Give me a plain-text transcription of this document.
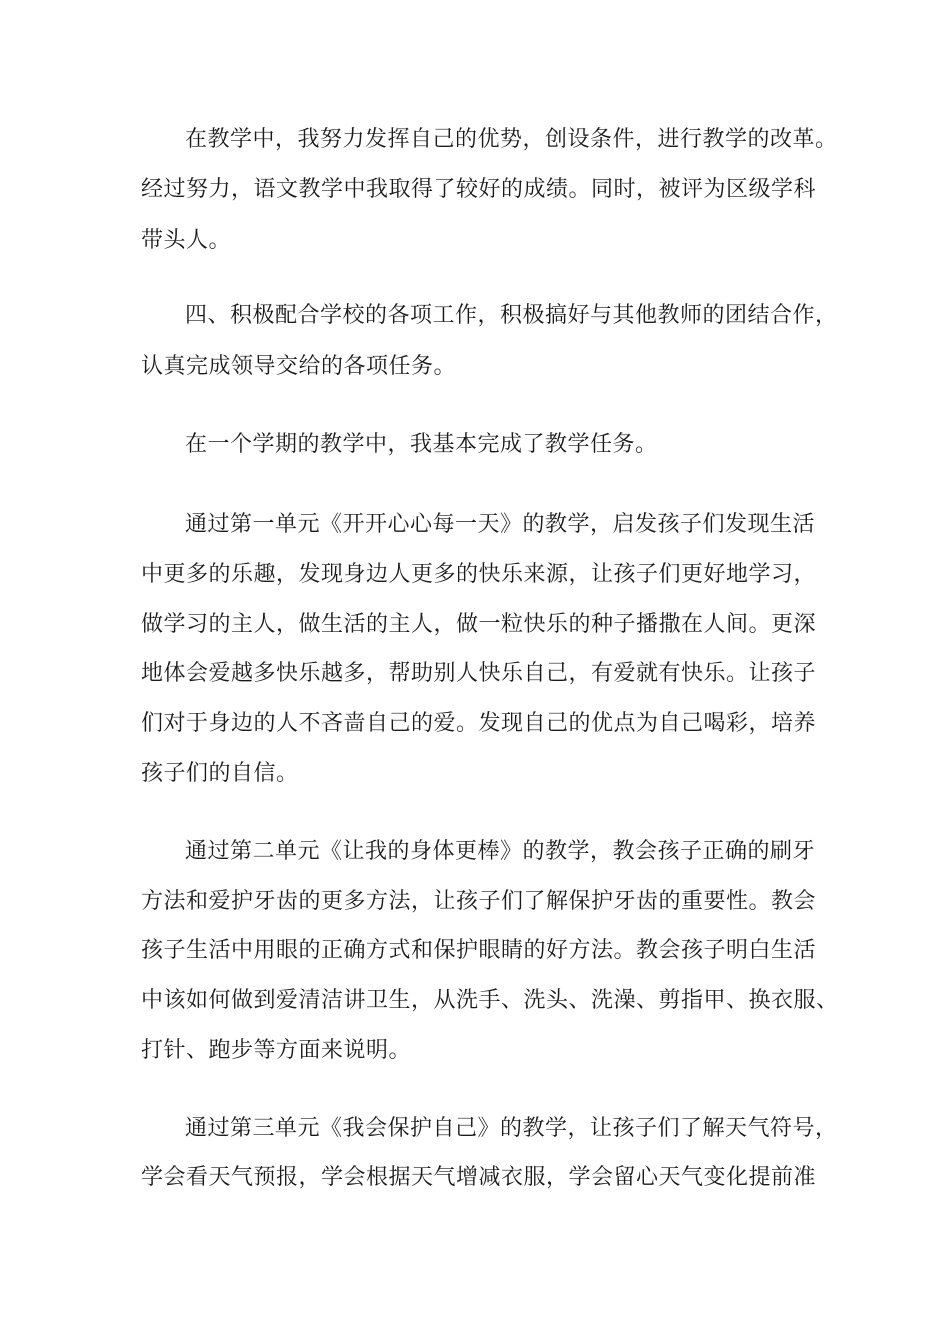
在教学中，我努力发挥自己的优势，创设条件，进行教学的改革。
经过努力，语文教学中我取得了较好的成绩。同时，被评为区级学科
带头人。
四、积极配合学校的各项工作，积极搞好与其他教师的团结合作，
认真完成领导交给的各项任务。
在一个学期的教学中，我基本完成了教学任务。
通过第一单元《开开心心每一天》的教学，启发孩子们发现生活
中更多的乐趣，发现身边人更多的快乐来源，让孩子们更好地学习，
做学习的主人，做生活的主人，做一粒快乐的种子播撒在人间。更深
地体会爱越多快乐越多，帮助别人快乐自己，有爱就有快乐。让孩子
们对于身边的人不吝啬自己的爱。发现自己的优点为自己喝彩，培养
孩子们的自信。
通过第二单元《让我的身体更棒》的教学，教会孩子正确的刷牙
方法和爱护牙齿的更多方法，让孩子们了解保护牙齿的重要性。教会
孩子生活中用眼的正确方式和保护眼睛的好方法。教会孩子明白生活
中该如何做到爱清洁讲卫生，从洗手、洗头、洗澡、剪指甲、换衣服、
打针、跑步等方面来说明。
通过第三单元《我会保护自己》的教学，让孩子们了解天气符号，
学会看天气预报，学会根据天气增减衣服，学会留心天气变化提前准
